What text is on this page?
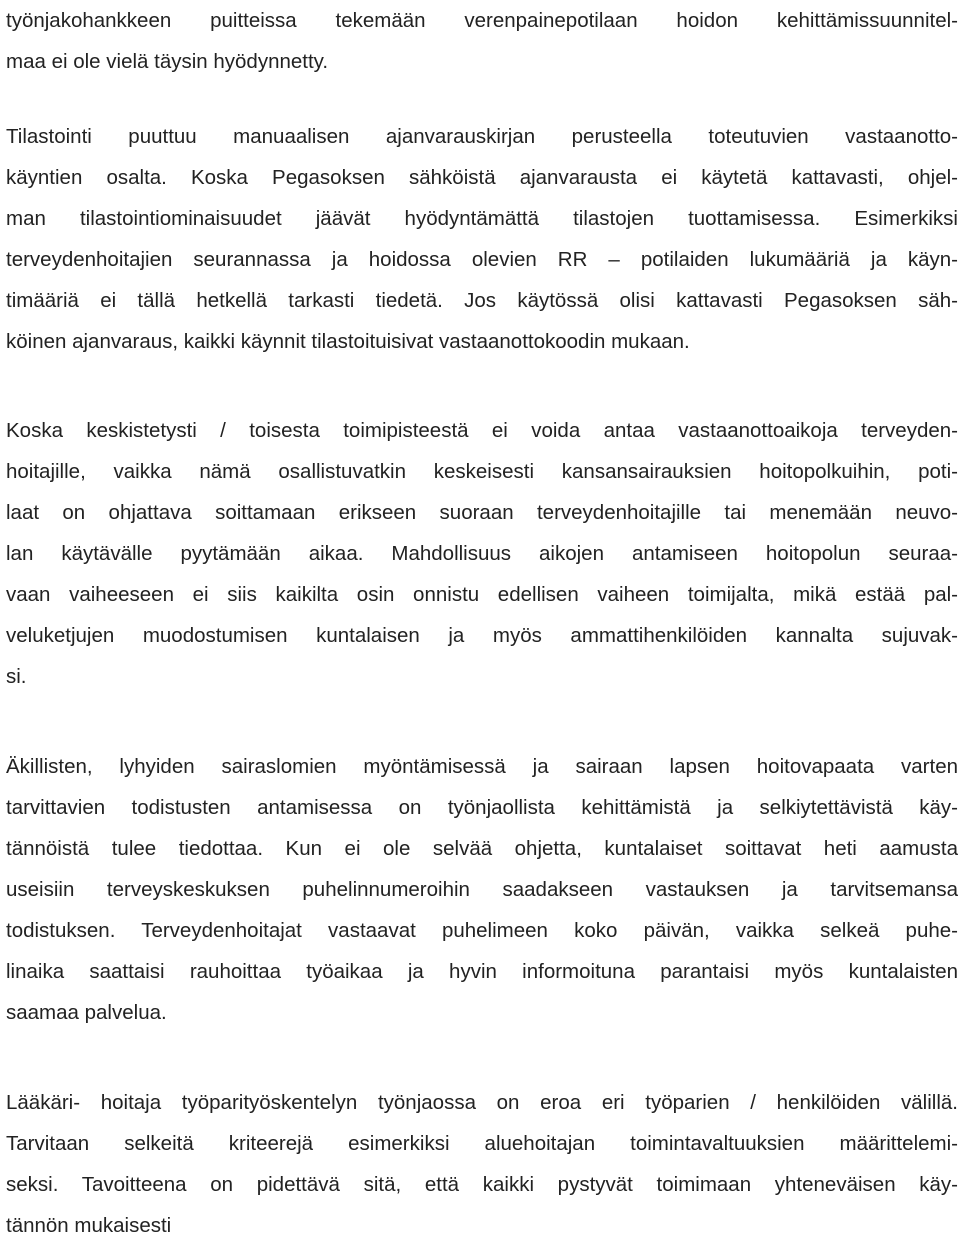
työnjakohankkeen puitteissa tekemään verenpainepotilaan hoidon kehittämissuunnitel-
maa ei ole vielä täysin hyödynnetty.
Tilastointi puuttuu manuaalisen ajanvarauskirjan perusteella toteutuvien vastaanotto-
käyntien osalta. Koska Pegasoksen sähköistä ajanvarausta ei käytetä kattavasti, ohjel-
man tilastointiominaisuudet jäävät hyödyntämättä tilastojen tuottamisessa. Esimerkiksi
terveydenhoitajien seurannassa ja hoidossa olevien RR – potilaiden lukumääriä ja käyn-
timääriä ei tällä hetkellä tarkasti tiedetä. Jos käytössä olisi kattavasti Pegasoksen säh-
köinen ajanvaraus, kaikki käynnit tilastoituisivat vastaanottokoodin mukaan.
Koska keskistetysti / toisesta toimipisteestä ei voida antaa vastaanottoaikoja terveyden-
hoitajille, vaikka nämä osallistuvatkin keskeisesti kansansairauksien hoitopolkuihin, poti-
laat on ohjattava soittamaan erikseen suoraan terveydenhoitajille tai menemään neuvo-
lan käytävälle pyytämään aikaa. Mahdollisuus aikojen antamiseen hoitopolun seuraa-
vaan vaiheeseen ei siis kaikilta osin onnistu edellisen vaiheen toimijalta, mikä estää pal-
veluketjujen muodostumisen kuntalaisen ja myös ammattihenkilöiden kannalta sujuvak-
si.
Äkillisten, lyhyiden sairaslomien myöntämisessä ja sairaan lapsen hoitovapaata varten
tarvittavien todistusten antamisessa on työnjaollista kehittämistä ja selkiytettävistä käy-
tännöistä tulee tiedottaa. Kun ei ole selvää ohjetta, kuntalaiset soittavat heti aamusta
useisiin terveyskeskuksen puhelinnumeroihin saadakseen vastauksen ja tarvitsemansa
todistuksen. Terveydenhoitajat vastaavat puhelimeen koko päivän, vaikka selkeä puhe-
linaika saattaisi rauhoittaa työaikaa ja hyvin informoituna parantaisi myös kuntalaisten
saamaa palvelua.
Lääkäri- hoitaja työparityöskentelyn työnjaossa on eroa eri työparien / henkilöiden välillä.
Tarvitaan selkeitä kriteerejä esimerkiksi aluehoitajan toimintavaltuuksien määrittelemi-
seksi. Tavoitteena on pidettävä sitä, että kaikki pystyvät toimimaan yhteneväisen käy-
tännön mukaisesti
